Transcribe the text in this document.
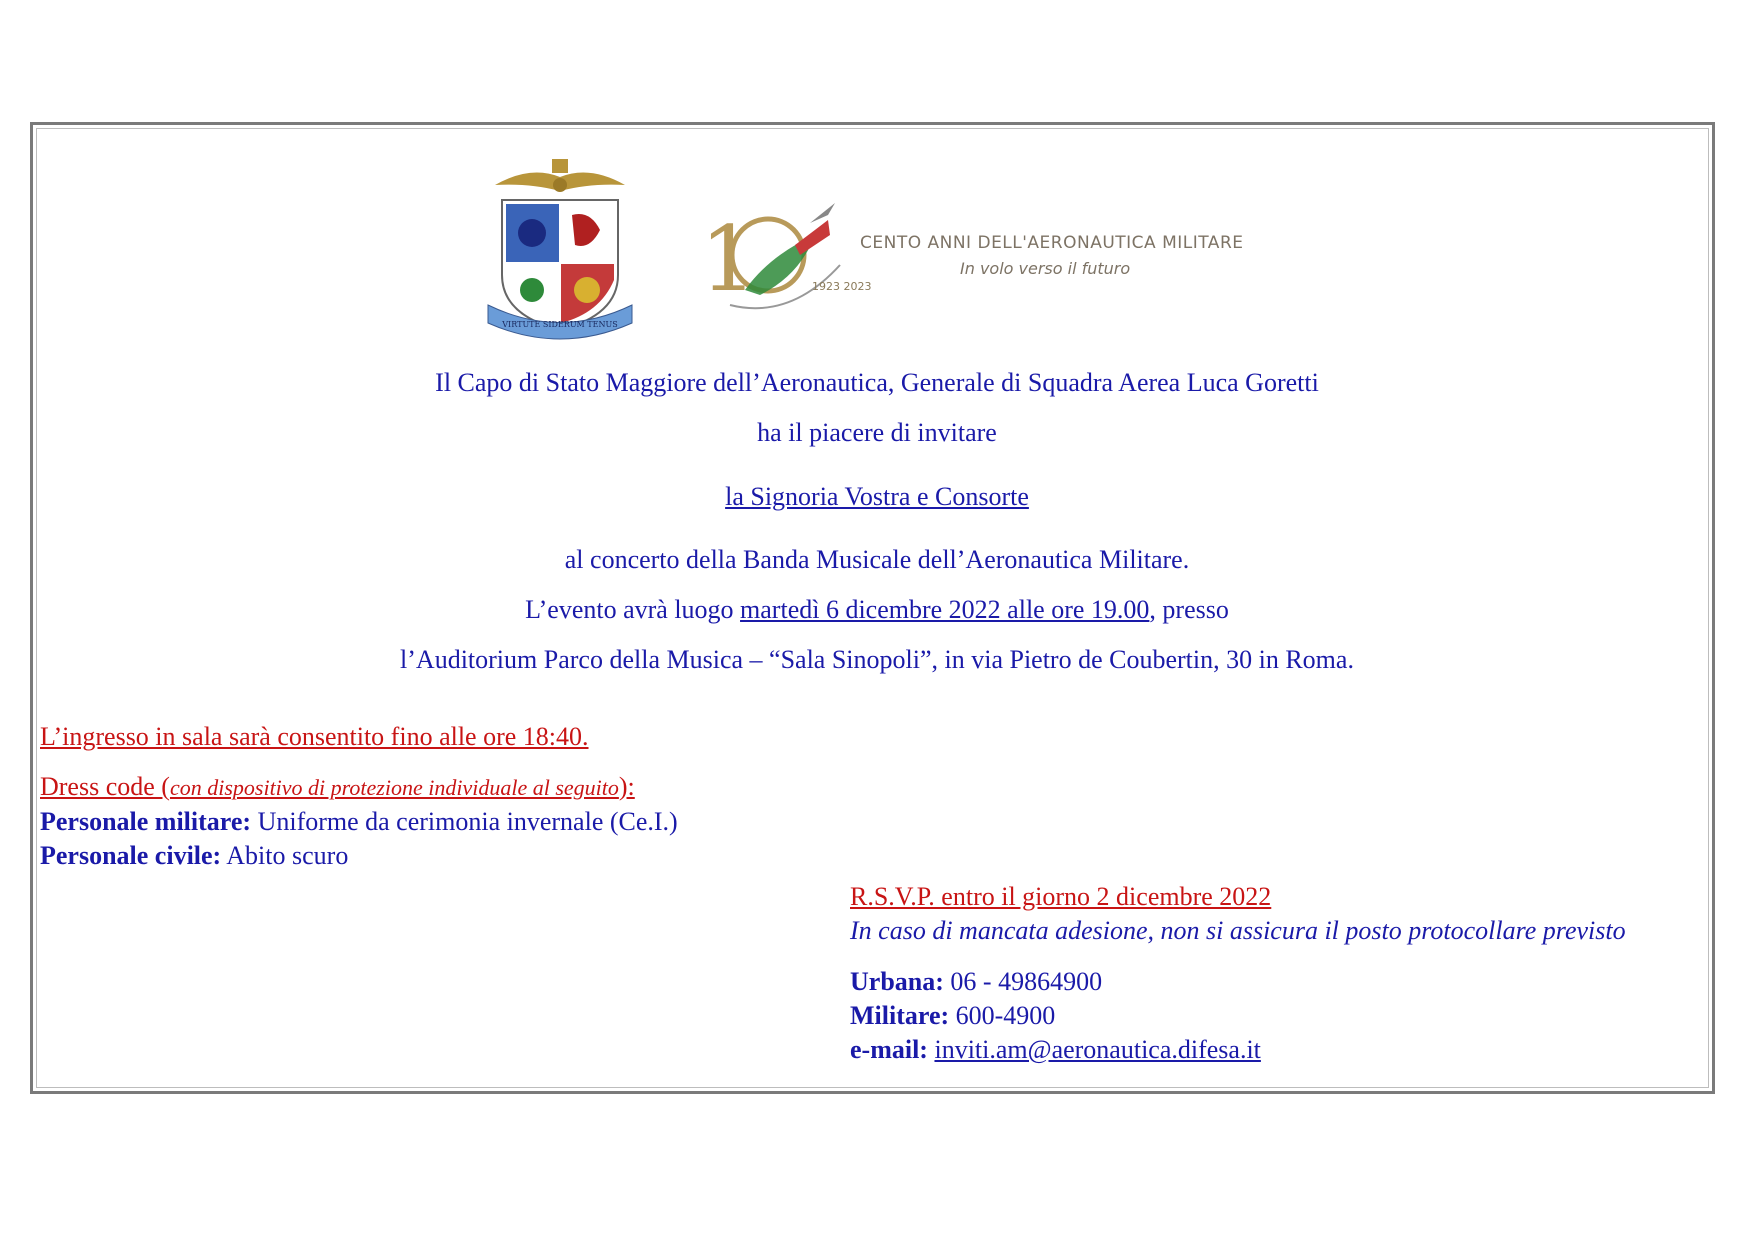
VIRTUTE SIDERUM TENUS
1	1923 2023
CENTO ANNI DELL'AERONAUTICA MILITARE
In volo verso il futuro
Il Capo di Stato Maggiore dell’Aeronautica, Generale di Squadra Aerea Luca Goretti
ha il piacere di invitare
la Signoria Vostra e Consorte
al concerto della Banda Musicale dell’Aeronautica Militare.
L’evento avrà luogo martedì 6 dicembre 2022 alle ore 19.00, presso
l’Auditorium Parco della Musica – “Sala Sinopoli”, in via Pietro de Coubertin, 30 in Roma.
L’ingresso in sala sarà consentito fino alle ore 18:40.
Dress code (con dispositivo di protezione individuale al seguito):
Personale militare: Uniforme da cerimonia invernale (Ce.I.)
Personale civile: Abito scuro
R.S.V.P. entro il giorno 2 dicembre 2022
In caso di mancata adesione, non si assicura il posto protocollare previsto
Urbana: 06 - 49864900
Militare: 600-4900
e-mail: inviti.am@aeronautica.difesa.it
